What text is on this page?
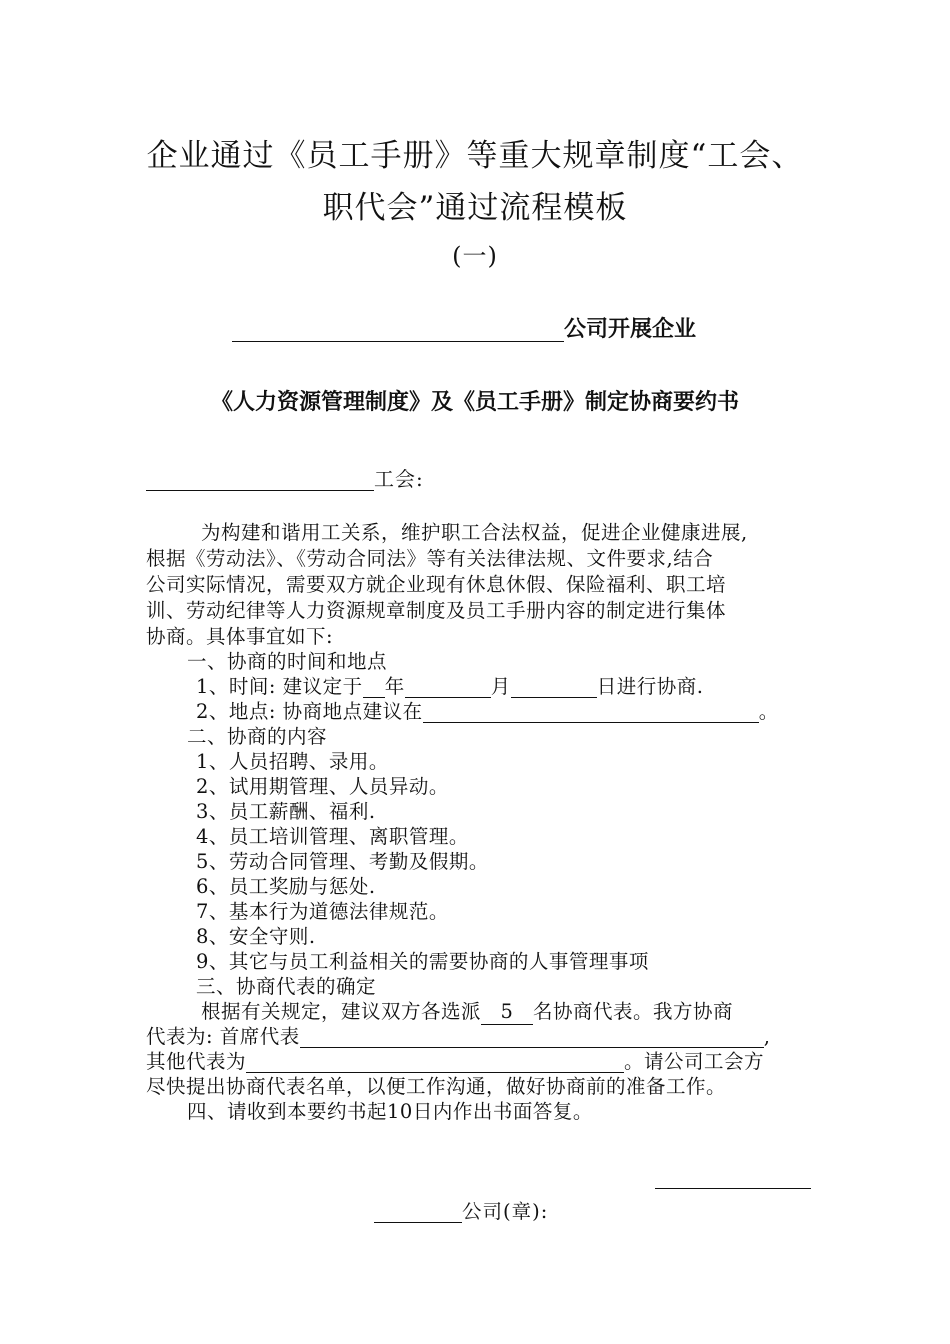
企业通过《员工手册》等重大规章制度“工会、
职代会”通过流程模板
(一)
公司开展企业
《人力资源管理制度》及《员工手册》制定协商要约书
工会:
为构建和谐用工关系，维护职工合法权益，促进企业健康进展,
根据《劳动法》、《劳动合同法》等有关法律法规、文件要求,结合
公司实际情况，需要双方就企业现有休息休假、保险福利、职工培
训、劳动纪律等人力资源规章制度及员工手册内容的制定进行集体
协商。具体事宜如下:
一、协商的时间和地点
1、时间: 建议定于 年	月	日进行协商.
2、地点: 协商地点建议在	。
二、协商的内容
1、人员招聘、录用。
2、试用期管理、人员异动。
3、员工薪酬、福利.
4、员工培训管理、离职管理。
5、劳动合同管理、考勤及假期。
6、员工奖励与惩处.
7、基本行为道德法律规范。
8、安全守则.
9、其它与员工利益相关的需要协商的人事管理事项
三、协商代表的确定
根据有关规定，建议双方各选派 5 名协商代表。我方协商
代表为: 首席代表	,
其他代表为	。请公司工会方
尽快提出协商代表名单，以便工作沟通，做好协商前的准备工作。
四、请收到本要约书起10日内作出书面答复。
公司(章):
